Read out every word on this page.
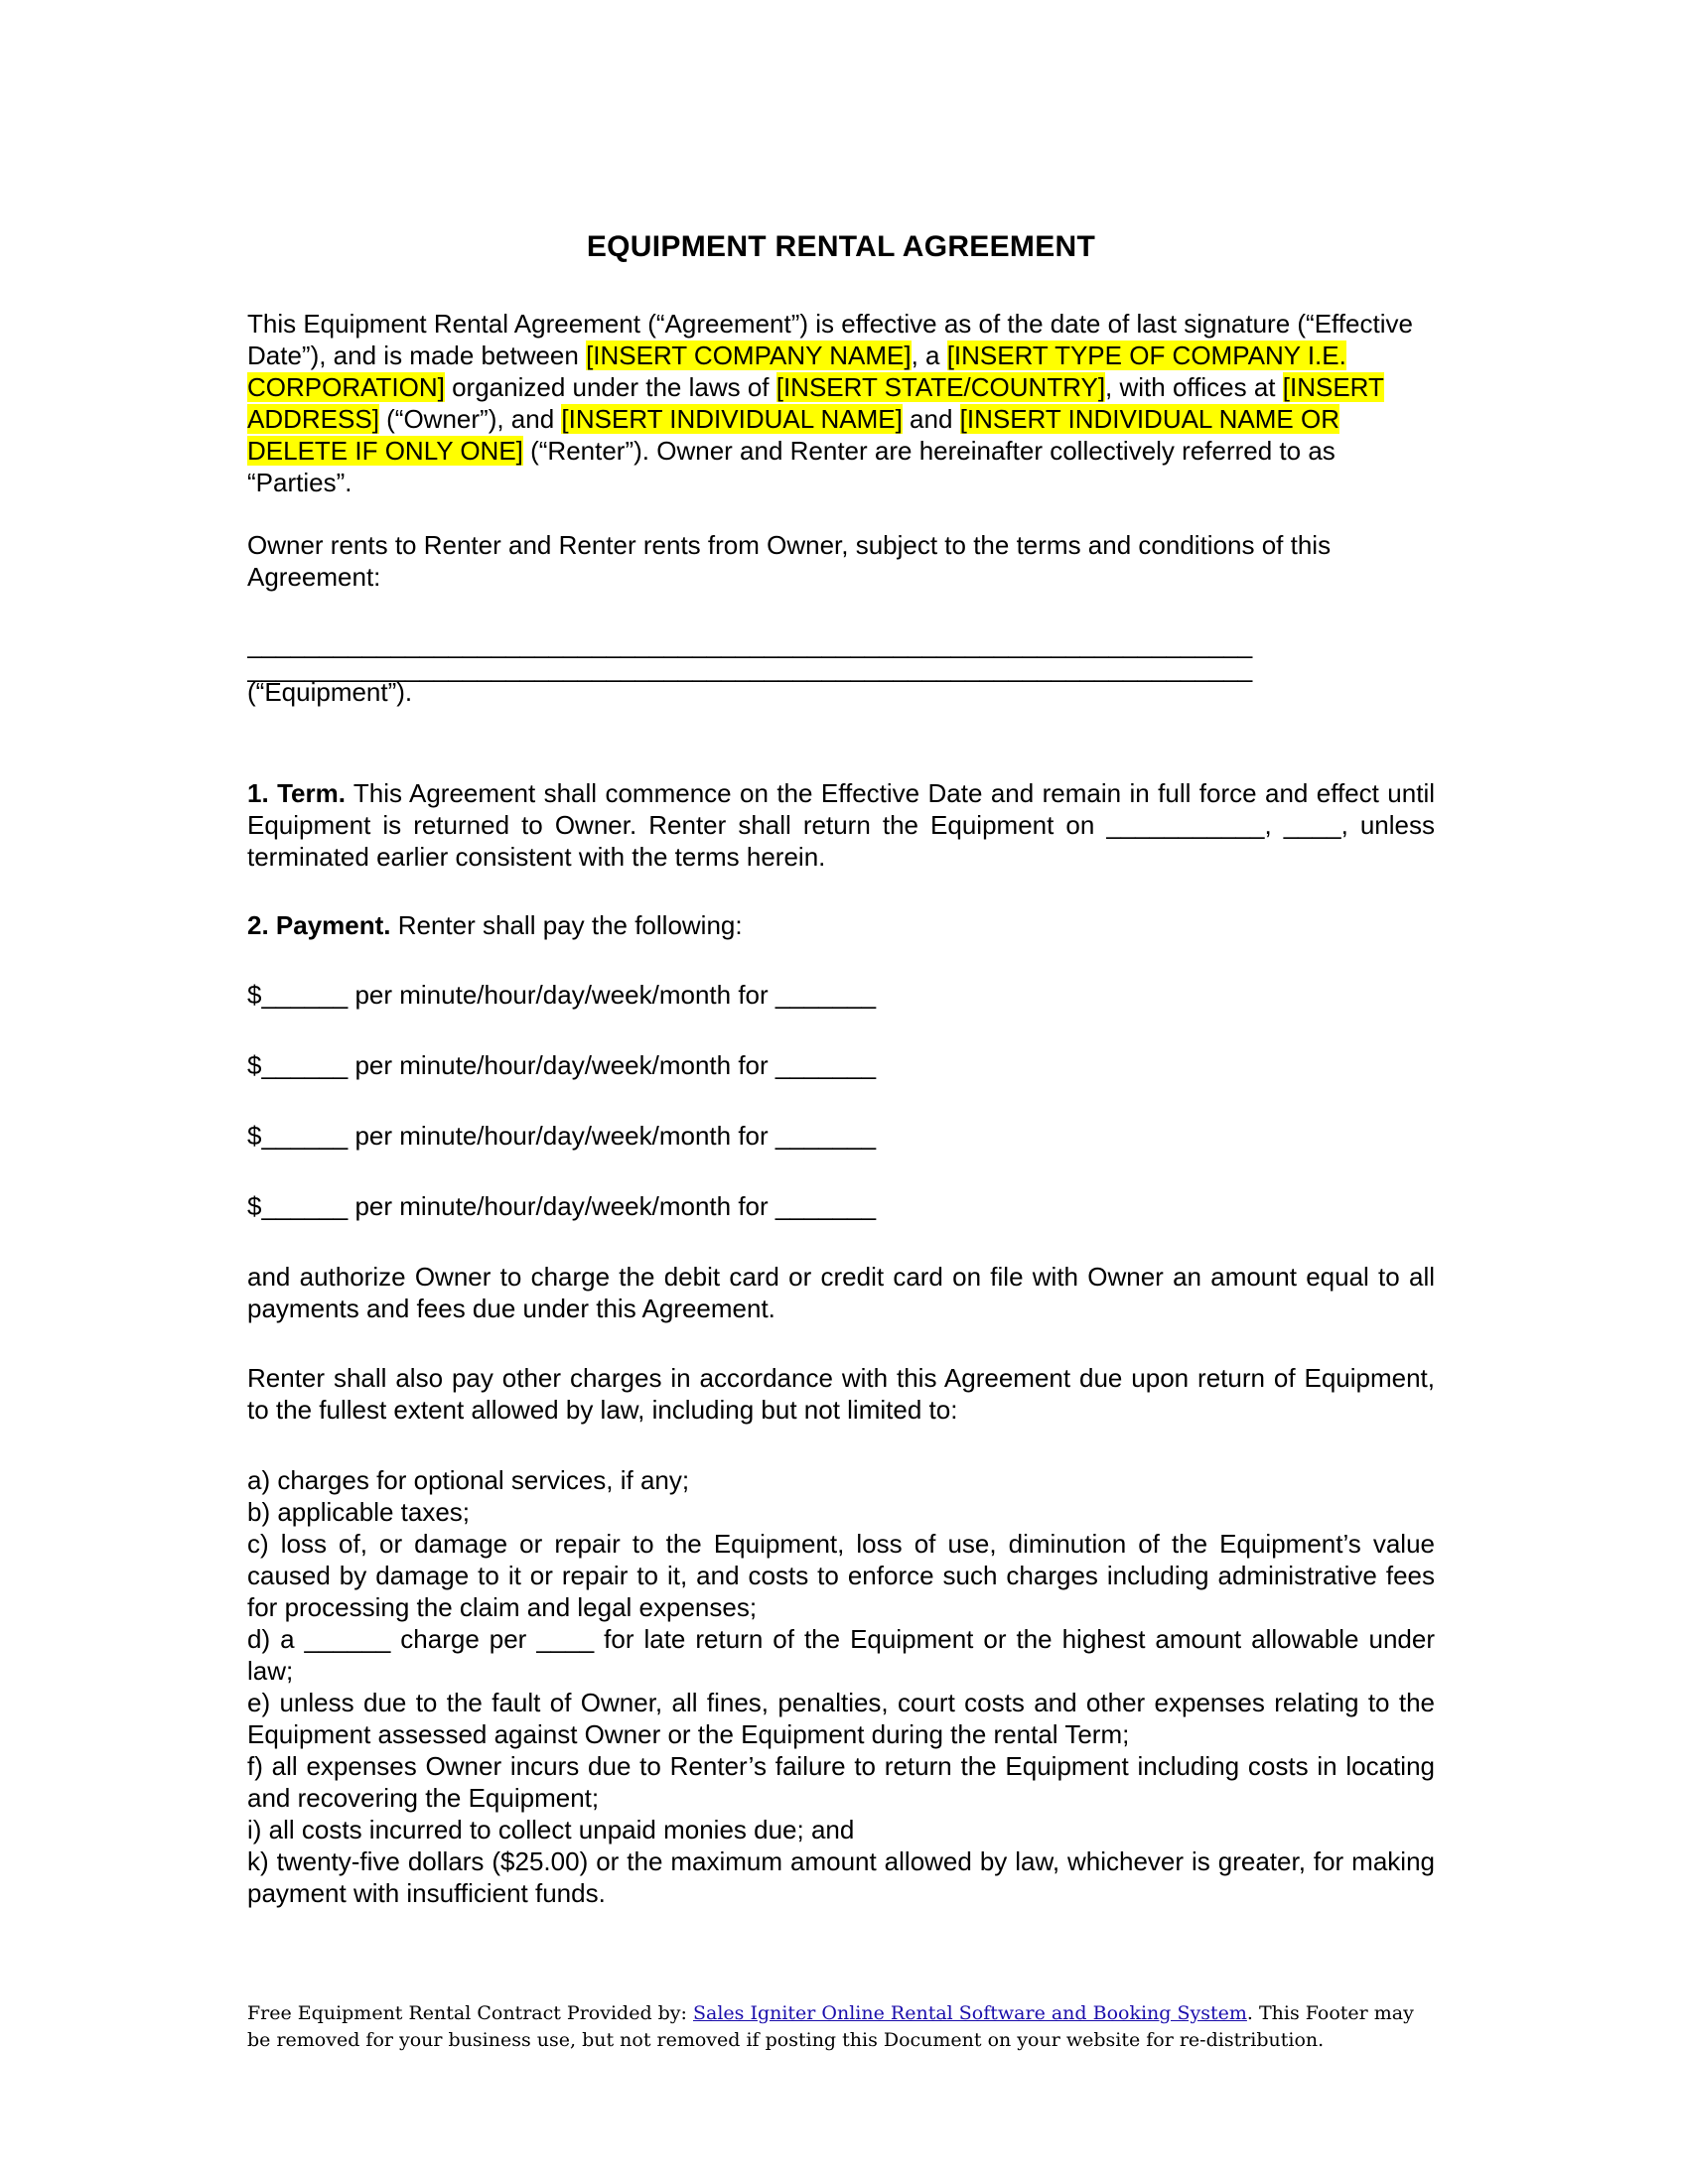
EQUIPMENT RENTAL AGREEMENT

This Equipment Rental Agreement (“Agreement”) is effective as of the date of last signature (“Effective Date”), and is made between [INSERT COMPANY NAME], a [INSERT TYPE OF COMPANY I.E. CORPORATION] organized under the laws of [INSERT STATE/COUNTRY], with offices at [INSERT ADDRESS] (“Owner”), and [INSERT INDIVIDUAL NAME] and [INSERT INDIVIDUAL NAME OR DELETE IF ONLY ONE] (“Renter”). Owner and Renter are hereinafter collectively referred to as “Parties”.

Owner rents to Renter and Renter rents from Owner, subject to the terms and conditions of this Agreement:

______________________________________________________________________

______________________________________________________________________

(“Equipment”).

1. Term. This Agreement shall commence on the Effective Date and remain in full force and effect until Equipment is returned to Owner. Renter shall return the Equipment on ___________, ____, unless terminated earlier consistent with the terms herein.

2. Payment. Renter shall pay the following:

$______ per minute/hour/day/week/month for _______

$______ per minute/hour/day/week/month for _______

$______ per minute/hour/day/week/month for _______

$______ per minute/hour/day/week/month for _______

and authorize Owner to charge the debit card or credit card on file with Owner an amount equal to all payments and fees due under this Agreement.

Renter shall also pay other charges in accordance with this Agreement due upon return of Equipment, to the fullest extent allowed by law, including but not limited to:

a) charges for optional services, if any;

b) applicable taxes;

c) loss of, or damage or repair to the Equipment, loss of use, diminution of the Equipment’s value caused by damage to it or repair to it, and costs to enforce such charges including administrative fees for processing the claim and legal expenses;

d) a ______ charge per ____ for late return of the Equipment or the highest amount allowable under law;

e) unless due to the fault of Owner, all fines, penalties, court costs and other expenses relating to the Equipment assessed against Owner or the Equipment during the rental Term;

f) all expenses Owner incurs due to Renter’s failure to return the Equipment including costs in locating and recovering the Equipment;

i) all costs incurred to collect unpaid monies due; and

k) twenty-five dollars ($25.00) or the maximum amount allowed by law, whichever is greater, for making payment with insufficient funds.

Free Equipment Rental Contract Provided by: Sales Igniter Online Rental Software and Booking System. This Footer may be removed for your business use, but not removed if posting this Document on your website for re-distribution.
